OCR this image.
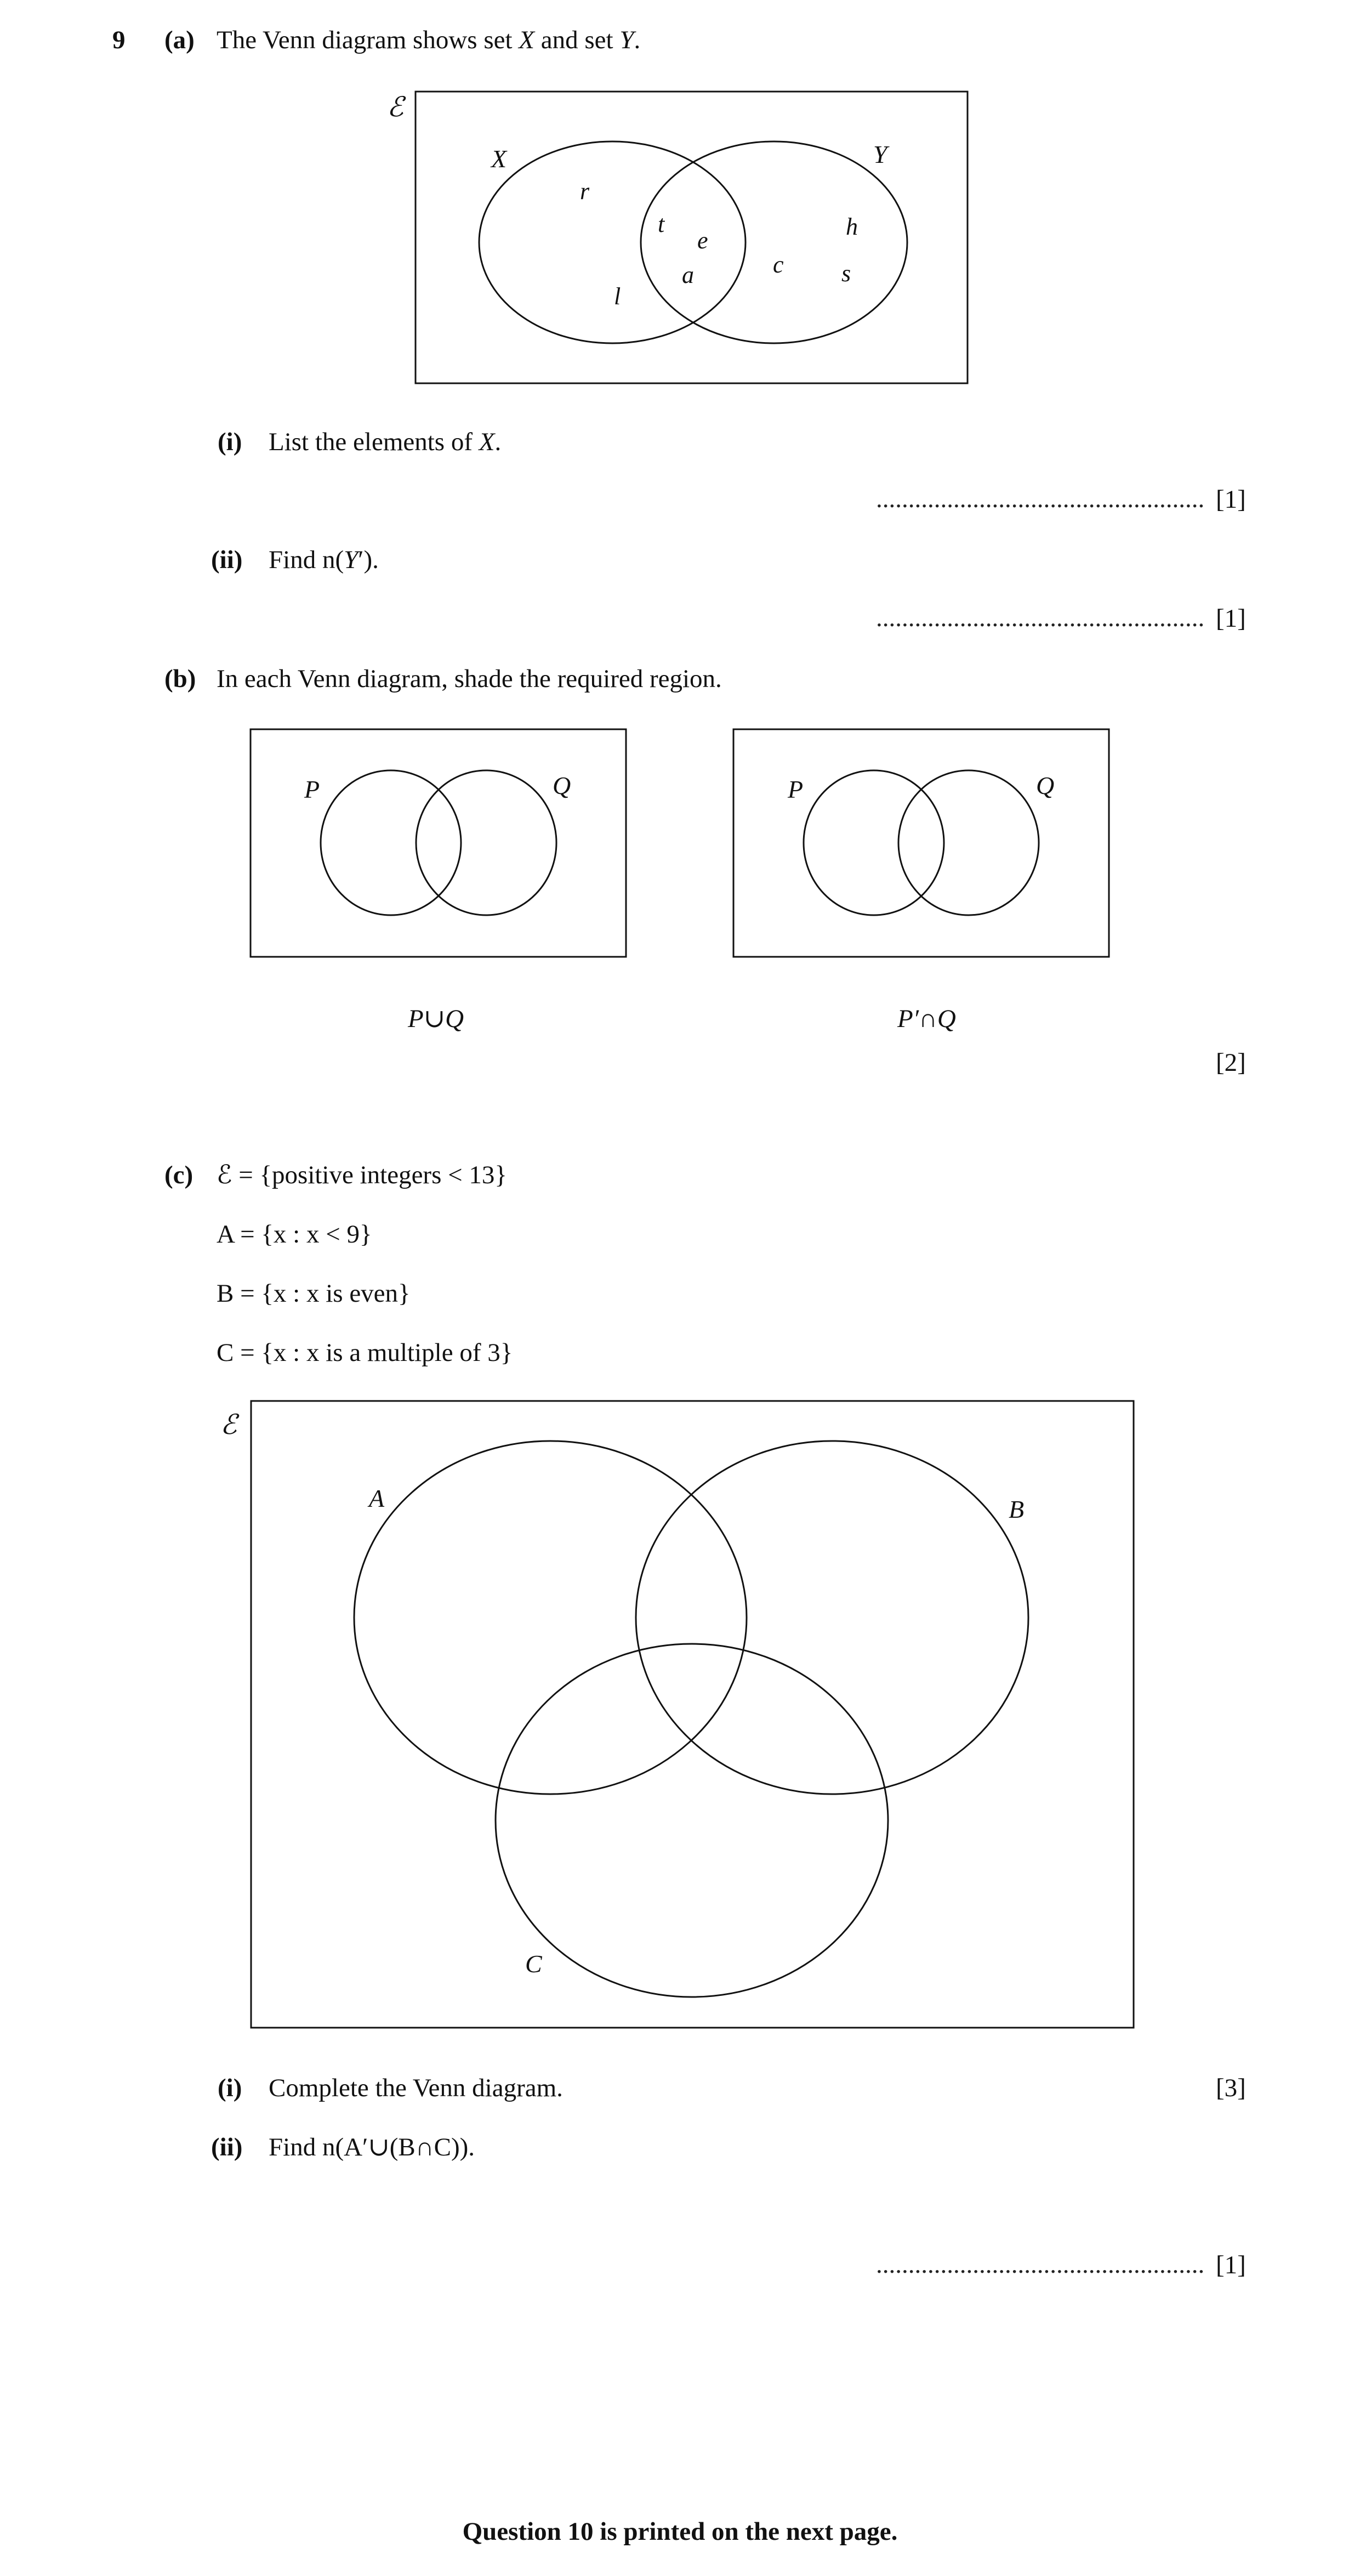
9 (a) The Venn diagram shows set X and set Y.
ℰ
X	Y
r
l
t
e
a
h
c s
(i) List the elements of X.
................................................... [1]
(ii) Find n(Y′).
................................................... [1]
(b) In each Venn diagram, shade the required region.
P	Q	P	Q
P∪Q	P′∩Q
[2]
(c) ℰ = {positive integers < 13}
A = {x : x < 9}
B = {x : x is even}
C = {x : x is a multiple of 3}
ℰ
A	B
C
(i) Complete the Venn diagram.	[3]
(ii) Find n(A′∪(B∩C)).
................................................... [1]
Question 10 is printed on the next page.
